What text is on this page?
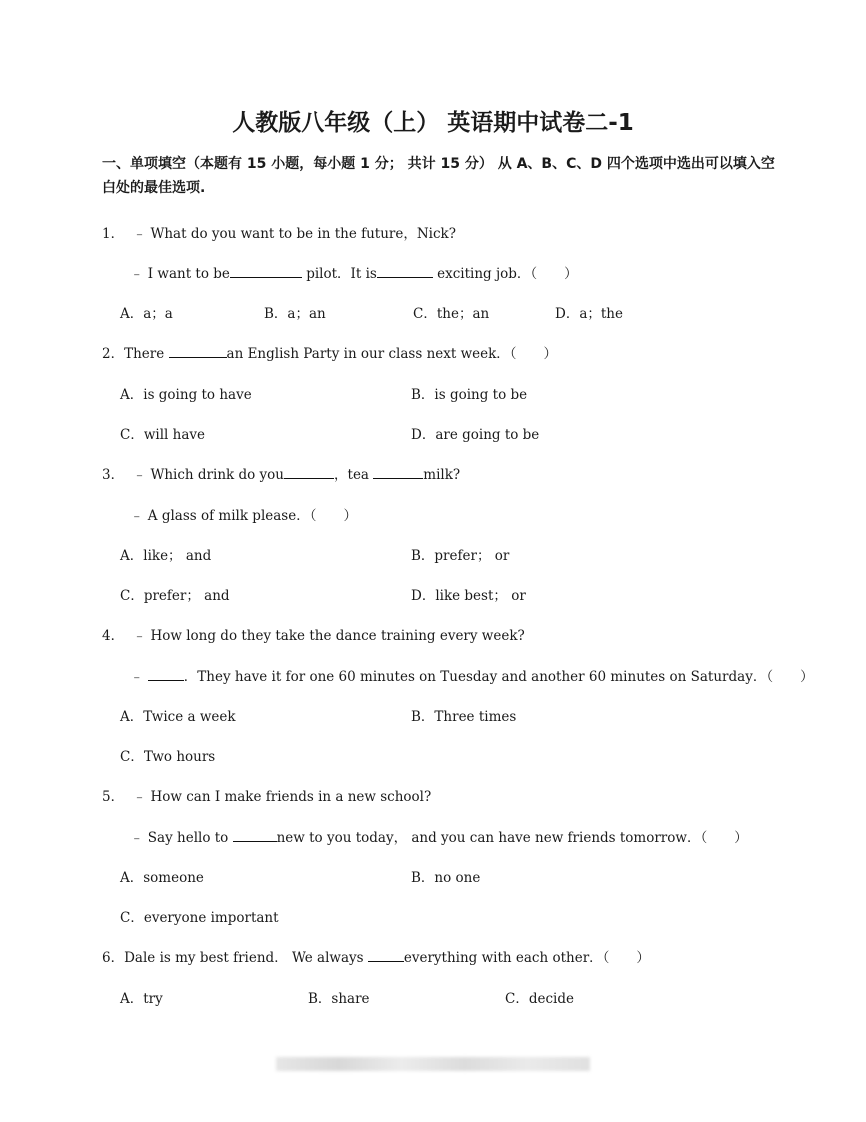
人教版八年级（上） 英语期中试卷二-1
一、单项填空（本题有 15 小题，每小题 1 分； 共计 15 分） 从 A、B、C、D 四个选项中选出可以填入空白处的最佳选项.
1． ﹣ What do you want to be in the future，Nick?
﹣ I want to be	pilot．It is	exciting job．（　　）
A．a；a	B．a；an	C．the；an	D．a；the
2．There	an English Party in our class next week．（　　）
A．is going to have	B．is going to be
C．will have	D．are going to be
3． ﹣ Which drink do you	，tea	milk?
﹣ A glass of milk please．（　　）
A．like； and	B．prefer； or
C．prefer； and	D．like best； or
4． ﹣ How long do they take the dance training every week?
﹣	．They have it for one 60 minutes on Tuesday and another 60 minutes on Saturday．（　　）
A．Twice a week	B．Three times
C．Two hours
5． ﹣ How can I make friends in a new school?
﹣ Say hello to	new to you today， and you can have new friends tomorrow．（　　）
A．someone	B．no one
C．everyone important
6．Dale is my best friend． We always	everything with each other．（　　）
A．try	B．share	C．decide
